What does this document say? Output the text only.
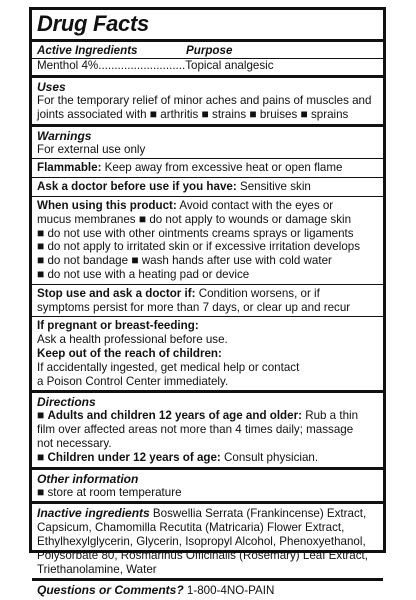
Drug Facts
Active Ingredients	Purpose
Menthol 4% ........................... Topical analgesic
Uses
For the temporary relief of minor aches and pains of muscles and
joints associated with ■ arthritis ■ strains ■ bruises ■ sprains
Warnings
For external use only
Flammable: Keep away from excessive heat or open flame
Ask a doctor before use if you have: Sensitive skin
When using this product: Avoid contact with the eyes or
mucus membranes ■ do not apply to wounds or damage skin
■ do not use with other ointments creams sprays or ligaments
■ do not apply to irritated skin or if excessive irritation develops
■ do not bandage ■ wash hands after use with cold water
■ do not use with a heating pad or device
Stop use and ask a doctor if: Condition worsens, or if
symptoms persist for more than 7 days, or clear up and recur
If pregnant or breast-feeding:
Ask a health professional before use.
Keep out of the reach of children:
If accidentally ingested, get medical help or contact
a Poison Control Center immediately.
Directions
■ Adults and children 12 years of age and older: Rub a thin
film over affected areas not more than 4 times daily; massage
not necessary.
■ Children under 12 years of age: Consult physician.
Other information
■ store at room temperature
Inactive ingredients Boswellia Serrata (Frankincense) Extract,
Capsicum, Chamomilla Recutita (Matricaria) Flower Extract,
Ethylhexylglycerin, Glycerin, Isopropyl Alcohol, Phenoxyethanol,
Polysorbate 80, Rosmarinus Officinalis (Rosemary) Leaf Extract,
Triethanolamine, Water
Questions or Comments? 1-800-4NO-PAIN
